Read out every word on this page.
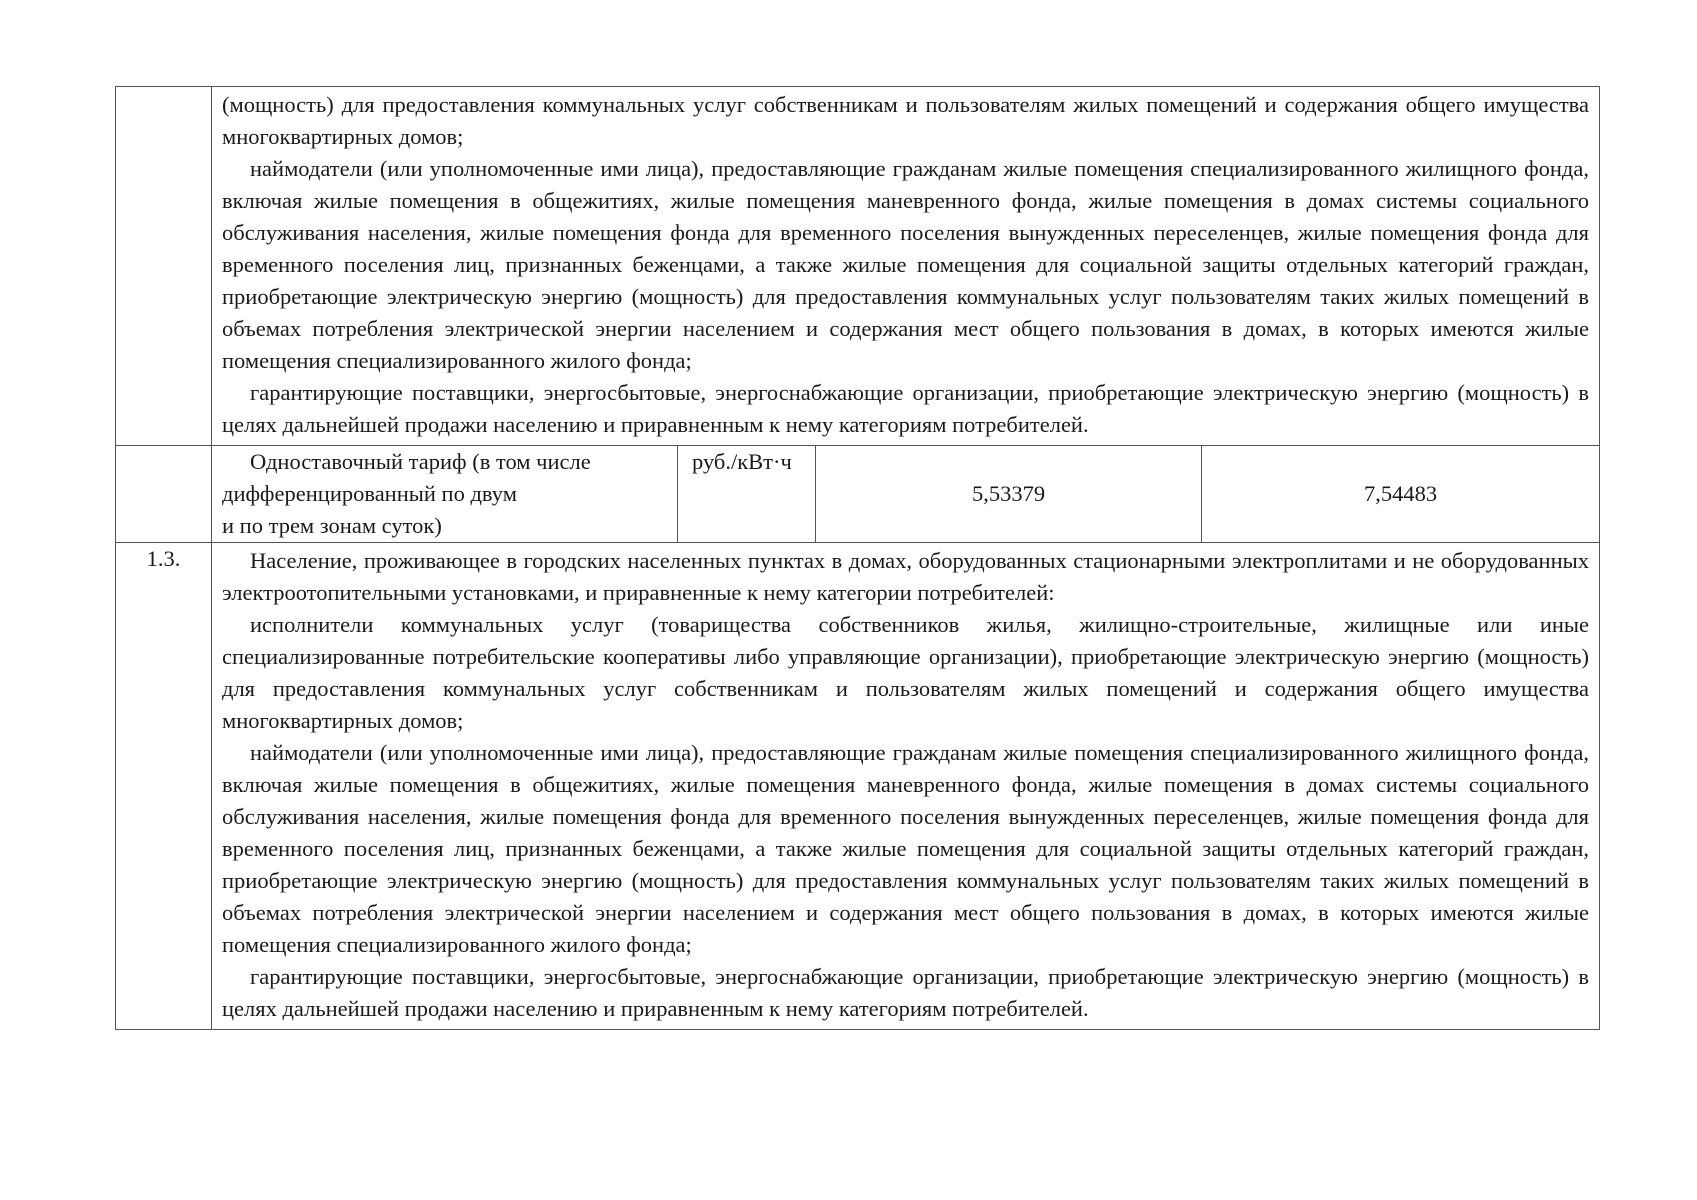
	(мощность) для предоставления коммунальных услуг собственникам и пользователям жилых помещений и содержания общего имущества многоквартирных домов;

наймодатели (или уполномоченные ими лица), предоставляющие гражданам жилые помещения специализированного жилищного фонда, включая жилые помещения в общежитиях, жилые помещения маневренного фонда, жилые помещения в домах системы социального обслуживания населения, жилые помещения фонда для временного поселения вынужденных переселенцев, жилые помещения фонда для временного поселения лиц, признанных беженцами, а также жилые помещения для социальной защиты отдельных категорий граждан, приобретающие электрическую энергию (мощность) для предоставления коммунальных услуг пользователям таких жилых помещений в объемах потребления электрической энергии населением и содержания мест общего пользования в домах, в которых имеются жилые помещения специализированного жилого фонда;

гарантирующие поставщики, энергосбытовые, энергоснабжающие организации, приобретающие электрическую энергию (мощность) в целях дальнейшей продажи населению и приравненным к нему категориям потребителей.			

	Одноставочный тариф (в том числе
дифференцированный по двум
и по трем зонам суток)	руб./кВт·ч	5,53379	7,54483
1.3.	Население, проживающее в городских населенных пунктах в домах, оборудованных стационарными электроплитами и не оборудованных электроотопительными установками, и приравненные к нему категории потребителей:

исполнители коммунальных услуг (товарищества собственников жилья, жилищно-строительные, жилищные или иные специализированные потребительские кооперативы либо управляющие организации), приобретающие электрическую энергию (мощность) для предоставления коммунальных услуг собственникам и пользователям жилых помещений и содержания общего имущества многоквартирных домов;

наймодатели (или уполномоченные ими лица), предоставляющие гражданам жилые помещения специализированного жилищного фонда, включая жилые помещения в общежитиях, жилые помещения маневренного фонда, жилые помещения в домах системы социального обслуживания населения, жилые помещения фонда для временного поселения вынужденных переселенцев, жилые помещения фонда для временного поселения лиц, признанных беженцами, а также жилые помещения для социальной защиты отдельных категорий граждан, приобретающие электрическую энергию (мощность) для предоставления коммунальных услуг пользователям таких жилых помещений в объемах потребления электрической энергии населением и содержания мест общего пользования в домах, в которых имеются жилые помещения специализированного жилого фонда;

гарантирующие поставщики, энергосбытовые, энергоснабжающие организации, приобретающие электрическую энергию (мощность) в целях дальнейшей продажи населению и приравненным к нему категориям потребителей.			
